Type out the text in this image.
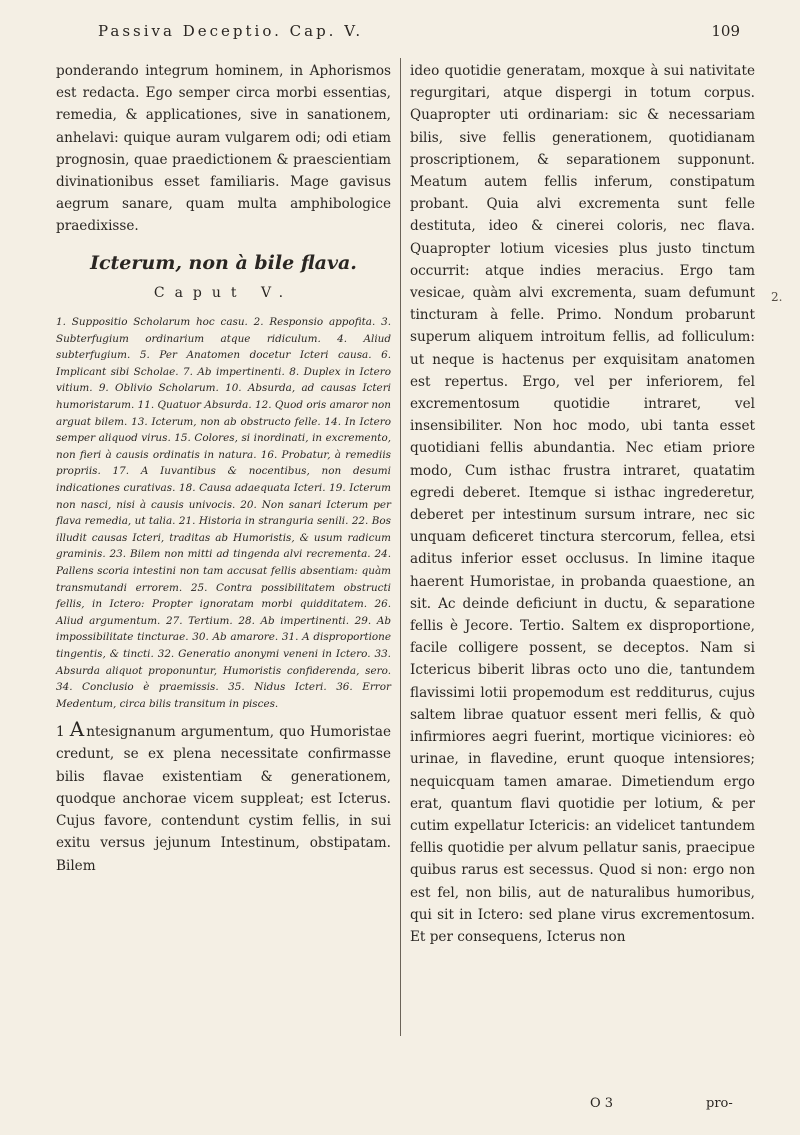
Passiva Deceptio. Cap. V.	109

ponderando integrum hominem, in Aphorismos est redacta. Ego semper circa morbi essentias, remedia, & applicationes, sive in sanationem, anhelavi: quique auram vulgarem odi; odi etiam prognosin, quae praedictionem & praescientiam divinationibus esset familiaris. Mage gavisus aegrum sanare, quam multa amphibologice praedixisse.

Icterum, non à bile flava.

Caput V.

1. Suppositio Scholarum hoc casu. 2. Responsio appofita. 3. Subterfugium ordinarium atque ridiculum. 4. Aliud subterfugium. 5. Per Anatomen docetur Icteri causa. 6. Implicant sibi Scholae. 7. Ab impertinenti. 8. Duplex in Ictero vitium. 9. Oblivio Scholarum. 10. Absurda, ad causas Icteri humoristarum. 11. Quatuor Absurda. 12. Quod oris amaror non arguat bilem. 13. Icterum, non ab obstructo felle. 14. In Ictero semper aliquod virus. 15. Colores, si inordinati, in excremento, non fieri à causis ordinatis in natura. 16. Probatur, à remediis propriis. 17. A Iuvantibus & nocentibus, non desumi indicationes curativas. 18. Causa adaequata Icteri. 19. Icterum non nasci, nisi à causis univocis. 20. Non sanari Icterum per flava remedia, ut talia. 21. Historia in stranguria senili. 22. Bos illudit causas Icteri, traditas ab Humoristis, & usum radicum graminis. 23. Bilem non mitti ad tingenda alvi recrementa. 24. Pallens scoria intestini non tam accusat fellis absentiam: quàm transmutandi errorem. 25. Contra possibilitatem obstructi fellis, in Ictero: Propter ignoratam morbi quidditatem. 26. Aliud argumentum. 27. Tertium. 28. Ab impertinenti. 29. Ab impossibilitate tincturae. 30. Ab amarore. 31. A disproportione tingentis, & tincti. 32. Generatio anonymi veneni in Ictero. 33. Absurda aliquot proponuntur, Humoristis confiderenda, sero. 34. Conclusio è praemissis. 35. Nidus Icteri. 36. Error Medentum, circa bilis transitum in pisces.

1 Antesignanum argumentum, quo Humoristae credunt, se ex plena necessitate confirmasse bilis flavae existentiam & generationem, quodque anchorae vicem suppleat; est Icterus. Cujus favore, contendunt cystim fellis, in sui exitu versus jejunum Intestinum, obstipatam. Bilem

ideo quotidie generatam, moxque à sui nativitate regurgitari, atque dispergi in totum corpus. Quapropter uti ordinariam: sic & necessariam bilis, sive fellis generationem, quotidianam proscriptionem, & separationem supponunt. Meatum autem fellis inferum, constipatum probant. Quia alvi excrementa sunt felle destituta, ideo & cinerei coloris, nec flava. Quapropter lotium vicesies plus justo tinctum occurrit: atque indies meracius. Ergo tam vesicae, quàm alvi excrementa, suam defumunt tincturam à felle. Primo. Nondum probarunt superum aliquem introitum fellis, ad folliculum: ut neque is hactenus per exquisitam anatomen est repertus. Ergo, vel per inferiorem, fel excrementosum quotidie intraret, vel insensibiliter. Non hoc modo, ubi tanta esset quotidiani fellis abundantia. Nec etiam priore modo, Cum isthac frustra intraret, quatatim egredi deberet. Itemque si isthac ingrederetur, deberet per intestinum sursum intrare, nec sic unquam deficeret tinctura stercorum, fellea, etsi aditus inferior esset occlusus. In limine itaque haerent Humoristae, in probanda quaestione, an sit. Ac deinde deficiunt in ductu, & separatione fellis è Jecore. Tertio. Saltem ex disproportione, facile colligere possent, se deceptos. Nam si Ictericus biberit libras octo uno die, tantundem flavissimi lotii propemodum est redditurus, cujus saltem librae quatuor essent meri fellis, & quò infirmiores aegri fuerint, mortique viciniores: eò urinae, in flavedine, erunt quoque intensiores; nequicquam tamen amarae. Dimetiendum ergo erat, quantum flavi quotidie per lotium, & per cutim expellatur Ictericis: an videlicet tantundem fellis quotidie per alvum pellatur sanis, praecipue quibus rarus est secessus. Quod si non: ergo non est fel, non bilis, aut de naturalibus humoribus, qui sit in Ictero: sed plane virus excrementosum. Et per consequens, Icterus non

2.
O 3	pro-
